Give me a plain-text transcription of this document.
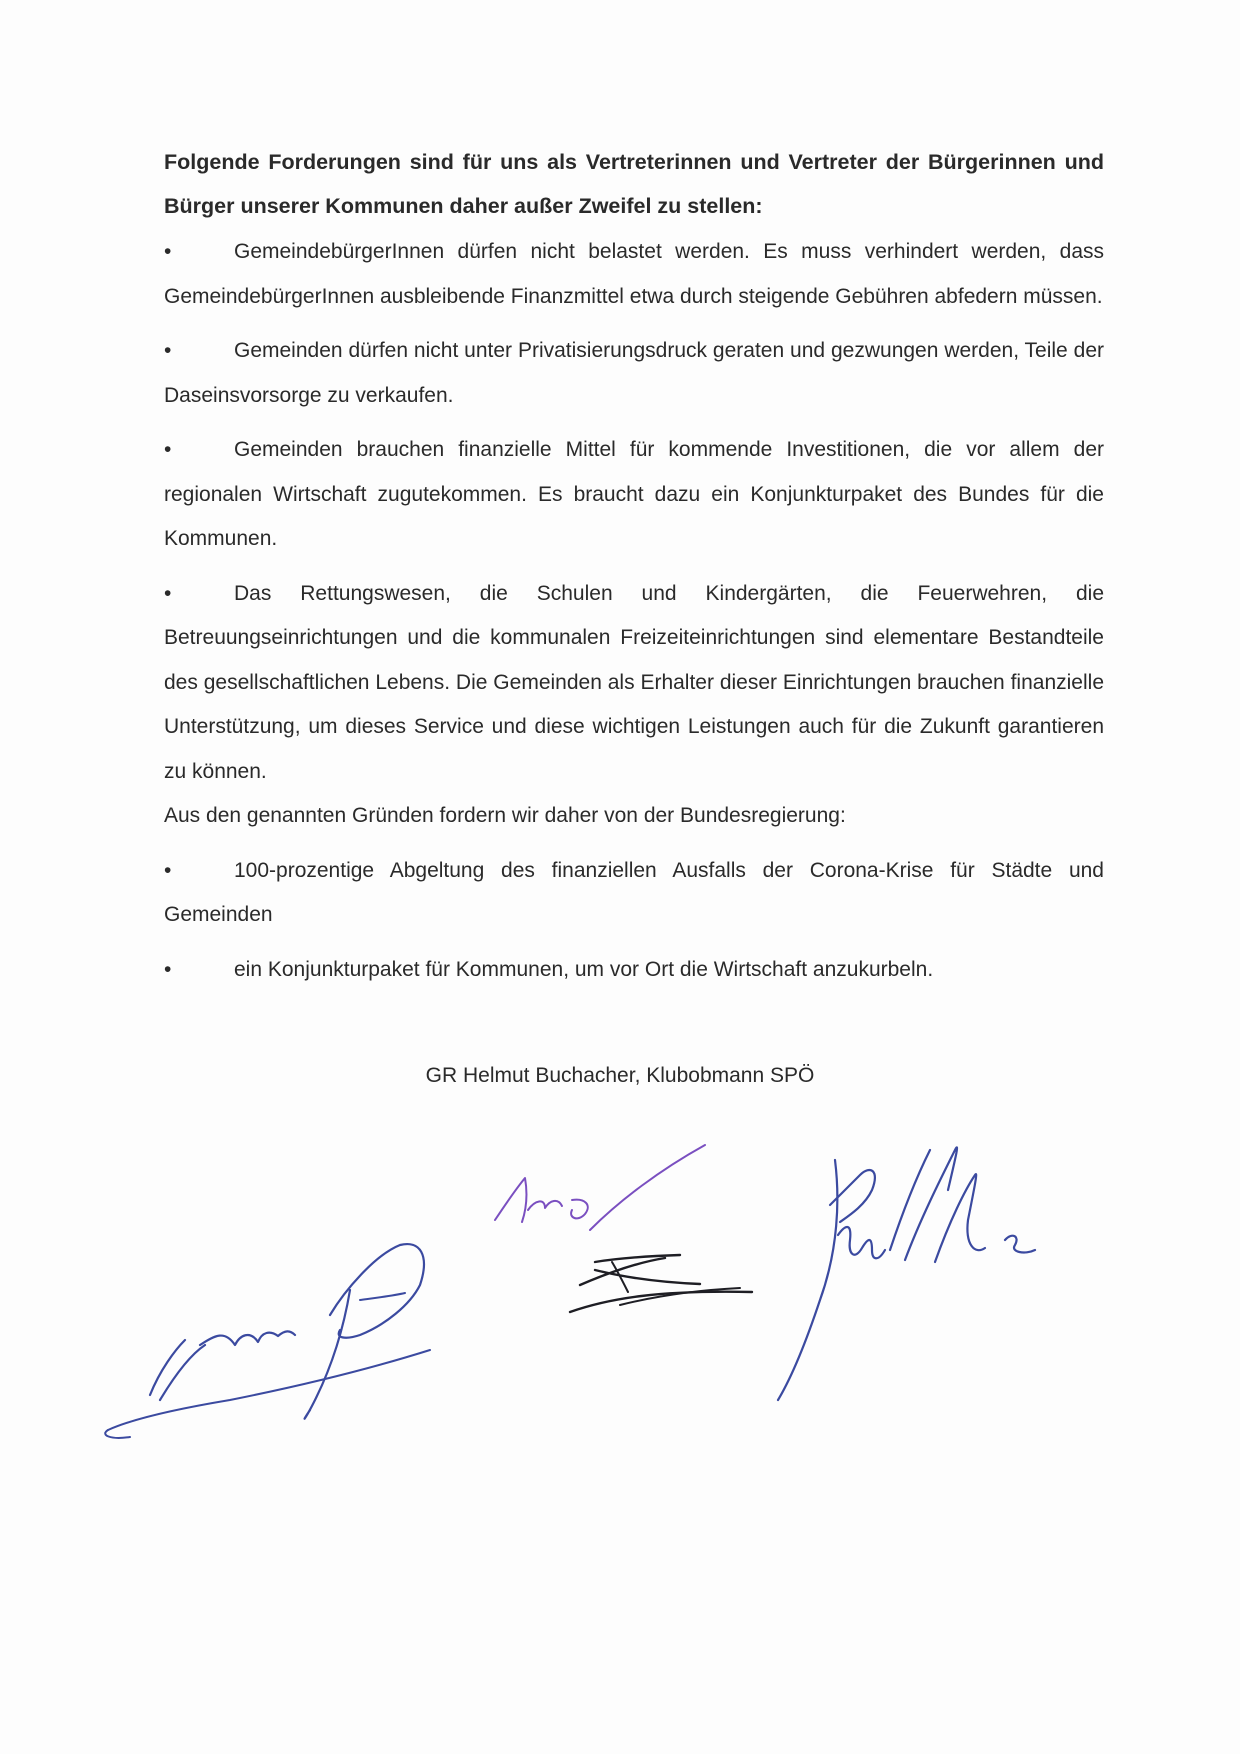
Folgende Forderungen sind für uns als Vertreterinnen und Vertreter der Bürgerinnen und Bürger unserer Kommunen daher außer Zweifel zu stellen:

•	GemeindebürgerInnen dürfen nicht belastet werden. Es muss verhindert werden, dass GemeindebürgerInnen ausbleibende Finanzmittel etwa durch steigende Gebühren abfedern müssen.

•	Gemeinden dürfen nicht unter Privatisierungsdruck geraten und gezwungen werden, Teile der Daseinsvorsorge zu verkaufen.

•	Gemeinden brauchen finanzielle Mittel für kommende Investitionen, die vor allem der regionalen Wirtschaft zugutekommen. Es braucht dazu ein Konjunkturpaket des Bundes für die Kommunen.

•	Das Rettungswesen, die Schulen und Kindergärten, die Feuerwehren, die Betreuungseinrichtungen und die kommunalen Freizeiteinrichtungen sind elementare Bestandteile des gesellschaftlichen Lebens. Die Gemeinden als Erhalter dieser Einrichtungen brauchen finanzielle Unterstützung, um dieses Service und diese wichtigen Leistungen auch für die Zukunft garantieren zu können.

Aus den genannten Gründen fordern wir daher von der Bundesregierung:

•	100-prozentige Abgeltung des finanziellen Ausfalls der Corona-Krise für Städte und Gemeinden

•	ein Konjunkturpaket für Kommunen, um vor Ort die Wirtschaft anzukurbeln.

GR Helmut Buchacher, Klubobmann SPÖ
